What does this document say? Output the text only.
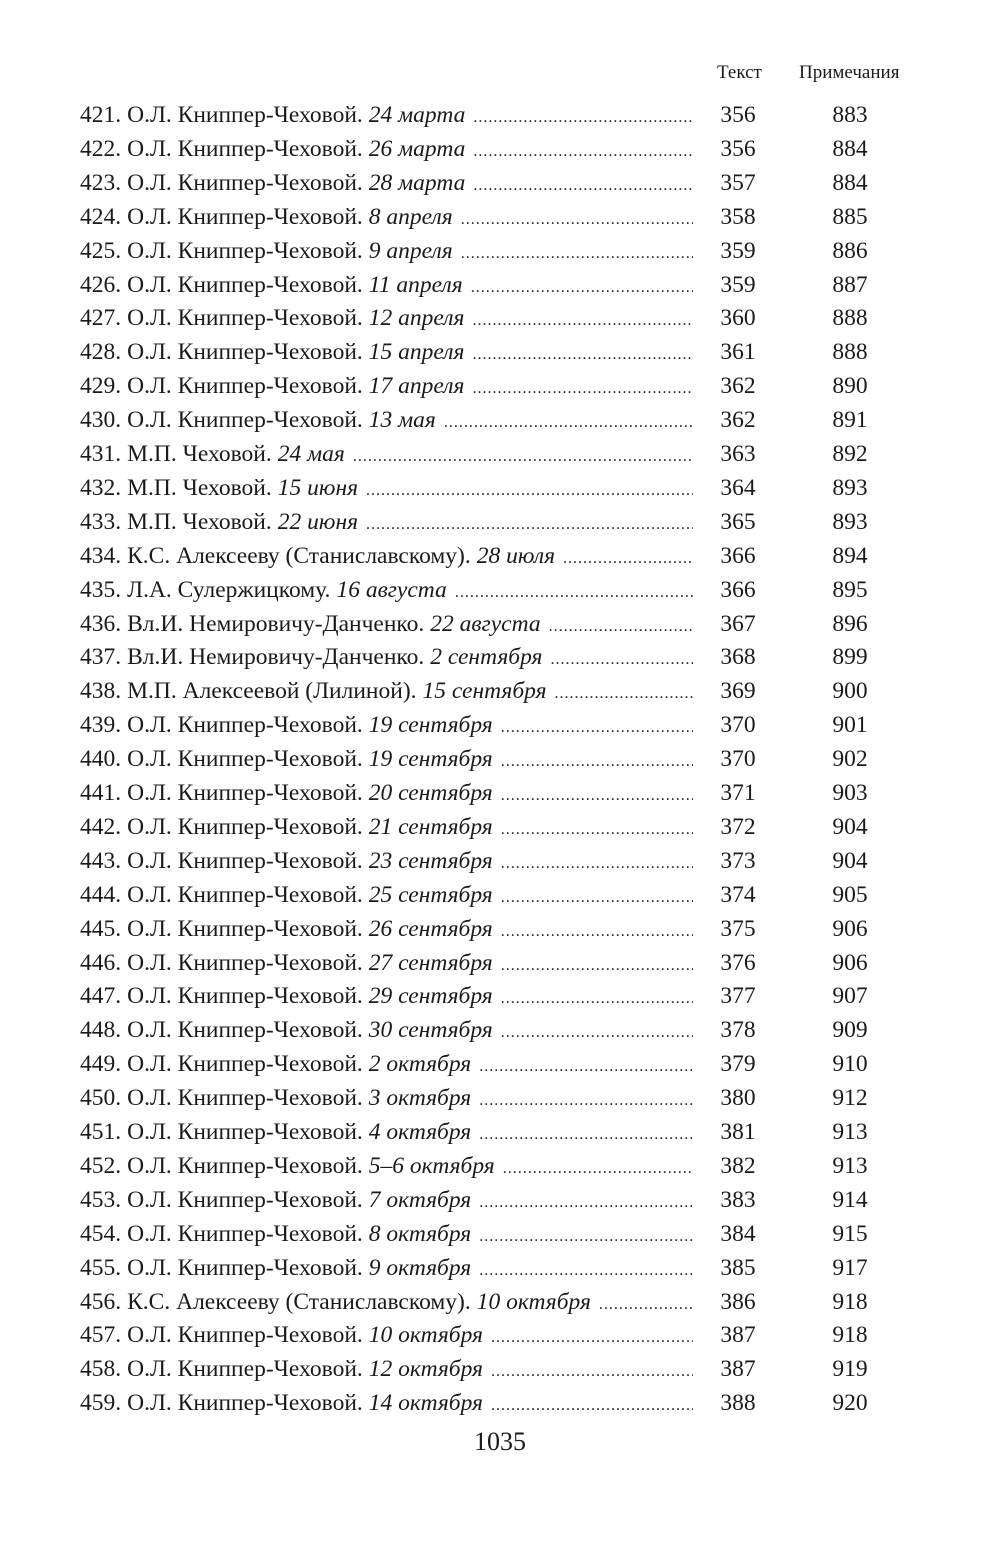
Текст Примечания
421. О.Л. Книппер-Чеховой. 24 марта .....	356	883
422. О.Л. Книппер-Чеховой. 26 марта .....	356	884
423. О.Л. Книппер-Чеховой. 28 марта .....	357	884
424. О.Л. Книппер-Чеховой. 8 апреля .....	358	885
425. О.Л. Книппер-Чеховой. 9 апреля .....	359	886
426. О.Л. Книппер-Чеховой. 11 апреля .....	359	887
427. О.Л. Книппер-Чеховой. 12 апреля .....	360	888
428. О.Л. Книппер-Чеховой. 15 апреля .....	361	888
429. О.Л. Книппер-Чеховой. 17 апреля .....	362	890
430. О.Л. Книппер-Чеховой. 13 мая .....	362	891
431. М.П. Чеховой. 24 мая .....	363	892
432. М.П. Чеховой. 15 июня .....	364	893
433. М.П. Чеховой. 22 июня .....	365	893
434. К.С. Алексееву (Станиславскому). 28 июля .....	366	894
435. Л.А. Сулержицкому. 16 августа .....	366	895
436. Вл.И. Немировичу-Данченко. 22 августа .....	367	896
437. Вл.И. Немировичу-Данченко. 2 сентября .....	368	899
438. М.П. Алексеевой (Лилиной). 15 сентября .....	369	900
439. О.Л. Книппер-Чеховой. 19 сентября .....	370	901
440. О.Л. Книппер-Чеховой. 19 сентября .....	370	902
441. О.Л. Книппер-Чеховой. 20 сентября .....	371	903
442. О.Л. Книппер-Чеховой. 21 сентября .....	372	904
443. О.Л. Книппер-Чеховой. 23 сентября .....	373	904
444. О.Л. Книппер-Чеховой. 25 сентября .....	374	905
445. О.Л. Книппер-Чеховой. 26 сентября .....	375	906
446. О.Л. Книппер-Чеховой. 27 сентября .....	376	906
447. О.Л. Книппер-Чеховой. 29 сентября .....	377	907
448. О.Л. Книппер-Чеховой. 30 сентября .....	378	909
449. О.Л. Книппер-Чеховой. 2 октября .....	379	910
450. О.Л. Книппер-Чеховой. 3 октября .....	380	912
451. О.Л. Книппер-Чеховой. 4 октября .....	381	913
452. О.Л. Книппер-Чеховой. 5–6 октября .....	382	913
453. О.Л. Книппер-Чеховой. 7 октября .....	383	914
454. О.Л. Книппер-Чеховой. 8 октября .....	384	915
455. О.Л. Книппер-Чеховой. 9 октября .....	385	917
456. К.С. Алексееву (Станиславскому). 10 октября .....	386	918
457. О.Л. Книппер-Чеховой. 10 октября .....	387	918
458. О.Л. Книппер-Чеховой. 12 октября .....	387	919
459. О.Л. Книппер-Чеховой. 14 октября .....	388	920
1035
